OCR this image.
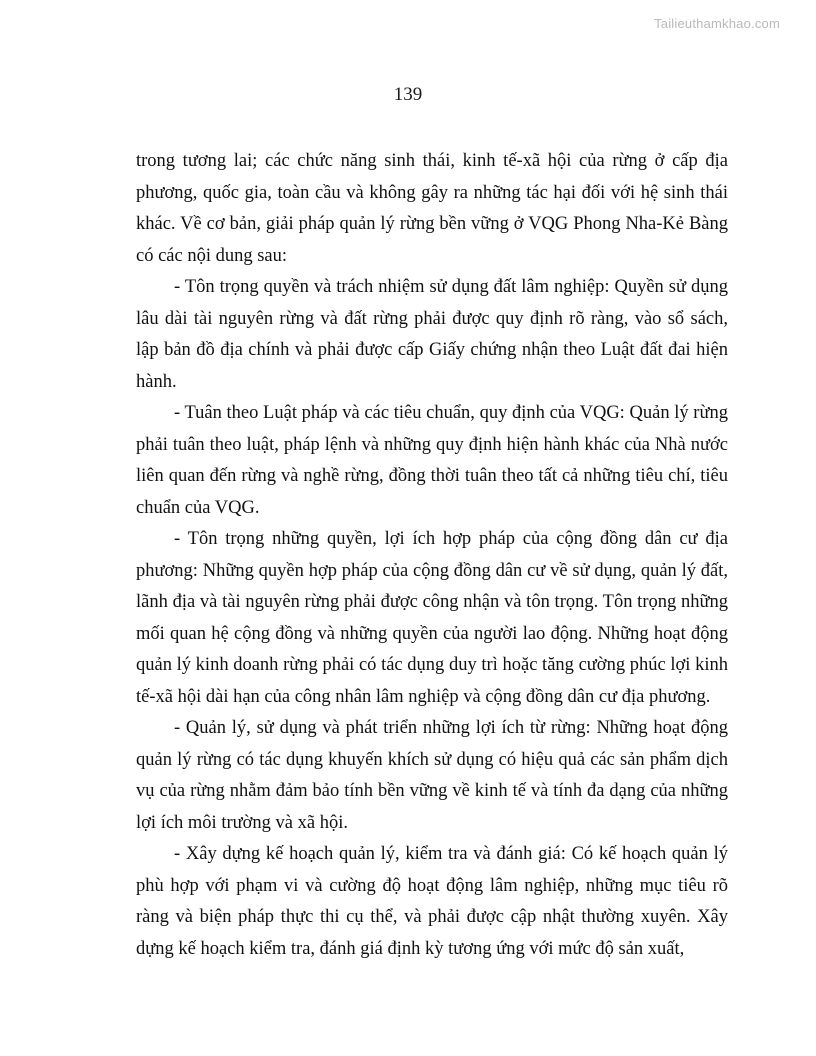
Tailieuthamkhao.com
139

trong tương lai; các chức năng sinh thái, kinh tế-xã hội của rừng ở cấp địa phương, quốc gia, toàn cầu và không gây ra những tác hại đối với hệ sinh thái khác. Về cơ bản, giải pháp quản lý rừng bền vững ở VQG Phong Nha-Kẻ Bàng có các nội dung sau:

- Tôn trọng quyền và trách nhiệm sử dụng đất lâm nghiệp: Quyền sử dụng lâu dài tài nguyên rừng và đất rừng phải được quy định rõ ràng, vào sổ sách, lập bản đồ địa chính và phải được cấp Giấy chứng nhận theo Luật đất đai hiện hành.

- Tuân theo Luật pháp và các tiêu chuẩn, quy định của VQG: Quản lý rừng phải tuân theo luật, pháp lệnh và những quy định hiện hành khác của Nhà nước liên quan đến rừng và nghề rừng, đồng thời tuân theo tất cả những tiêu chí, tiêu chuẩn của VQG.

- Tôn trọng những quyền, lợi ích hợp pháp của cộng đồng dân cư địa phương: Những quyền hợp pháp của cộng đồng dân cư về sử dụng, quản lý đất, lãnh địa và tài nguyên rừng phải được công nhận và tôn trọng. Tôn trọng những mối quan hệ cộng đồng và những quyền của người lao động. Những hoạt động quản lý kinh doanh rừng phải có tác dụng duy trì hoặc tăng cường phúc lợi kinh tế-xã hội dài hạn của công nhân lâm nghiệp và cộng đồng dân cư địa phương.

- Quản lý, sử dụng và phát triển những lợi ích từ rừng: Những hoạt động quản lý rừng có tác dụng khuyến khích sử dụng có hiệu quả các sản phẩm dịch vụ của rừng nhằm đảm bảo tính bền vững về kinh tế và tính đa dạng của những lợi ích môi trường và xã hội.

- Xây dựng kế hoạch quản lý, kiểm tra và đánh giá: Có kế hoạch quản lý phù hợp với phạm vi và cường độ hoạt động lâm nghiệp, những mục tiêu rõ ràng và biện pháp thực thi cụ thể, và phải được cập nhật thường xuyên. Xây dựng kế hoạch kiểm tra, đánh giá định kỳ tương ứng với mức độ sản xuất,
